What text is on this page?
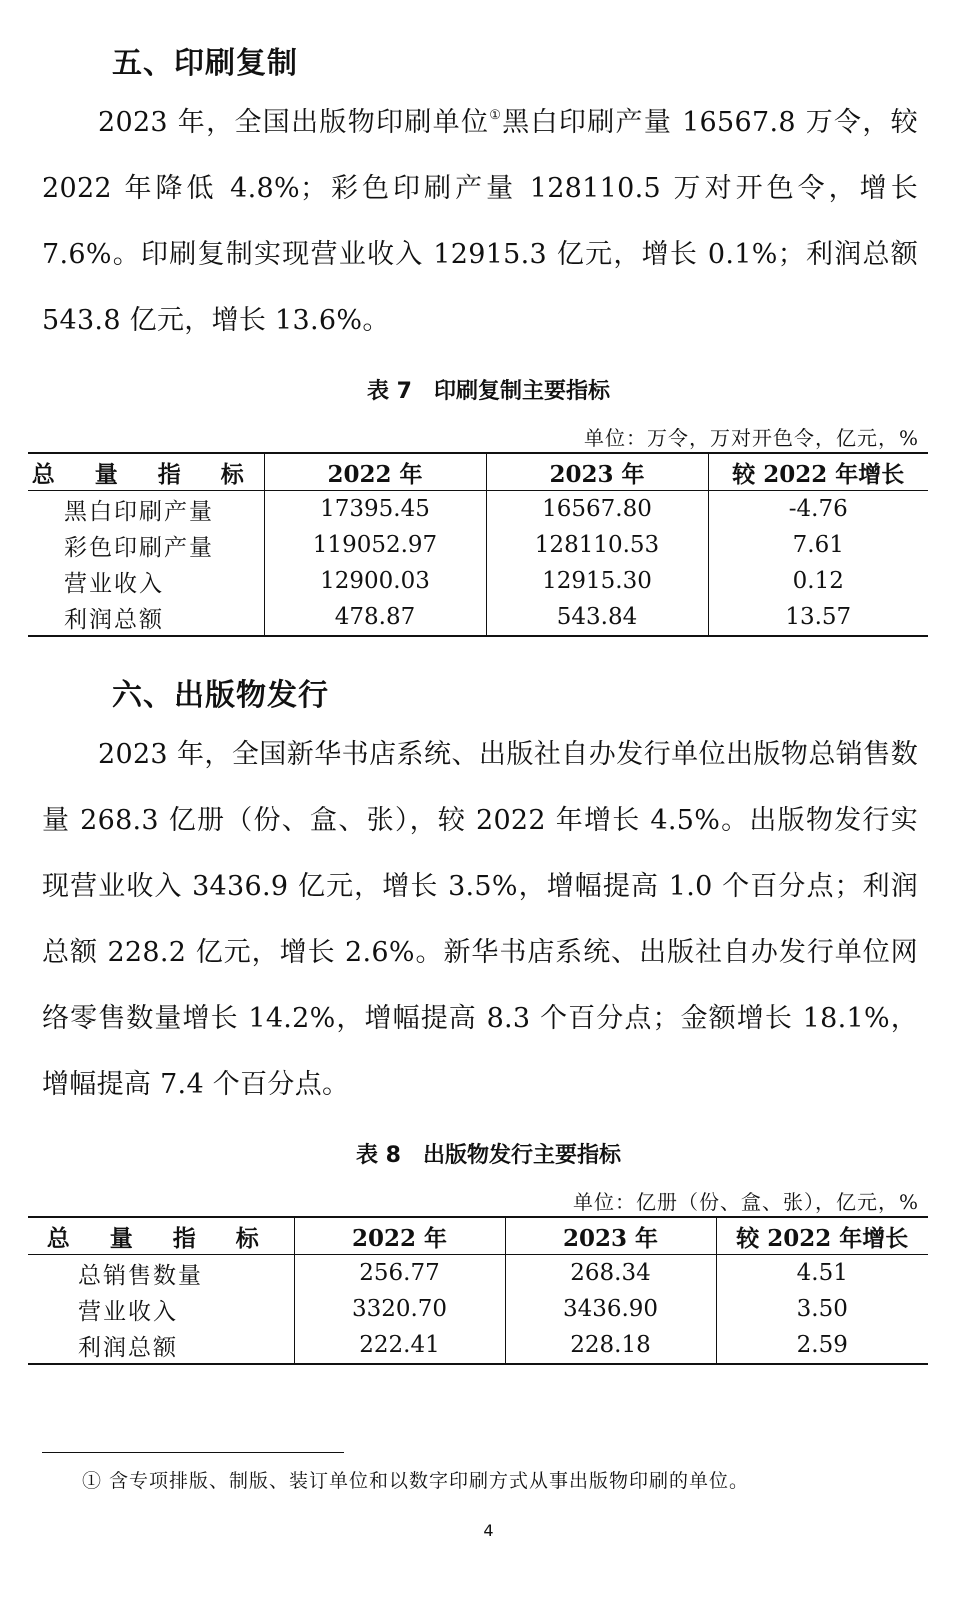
五、印刷复制

2023 年，全国出版物印刷单位①黑白印刷产量 16567.8 万令，较 2022 年降低 4.8%；彩色印刷产量 128110.5 万对开色令，增长 7.6%。印刷复制实现营业收入 12915.3 亿元，增长 0.1%；利润总额 543.8 亿元，增长 13.6%。

表 7　印刷复制主要指标

单位：万令，万对开色令，亿元，%

总 量 指 标	2022 年	2023 年	较 2022 年增长
黑白印刷产量	17395.45	16567.80	-4.76
彩色印刷产量	119052.97	128110.53	7.61
营业收入	12900.03	12915.30	0.12
利润总额	478.87	543.84	13.57
六、出版物发行

2023 年，全国新华书店系统、出版社自办发行单位出版物总销售数量 268.3 亿册（份、盒、张），较 2022 年增长 4.5%。出版物发行实现营业收入 3436.9 亿元，增长 3.5%，增幅提高 1.0 个百分点；利润总额 228.2 亿元，增长 2.6%。新华书店系统、出版社自办发行单位网络零售数量增长 14.2%，增幅提高 8.3 个百分点；金额增长 18.1%，增幅提高 7.4 个百分点。

表 8　出版物发行主要指标

单位：亿册（份、盒、张），亿元，%

总 量 指 标	2022 年	2023 年	较 2022 年增长
总销售数量	256.77	268.34	4.51
营业收入	3320.70	3436.90	3.50
利润总额	222.41	228.18	2.59

① 含专项排版、制版、装订单位和以数字印刷方式从事出版物印刷的单位。

4
